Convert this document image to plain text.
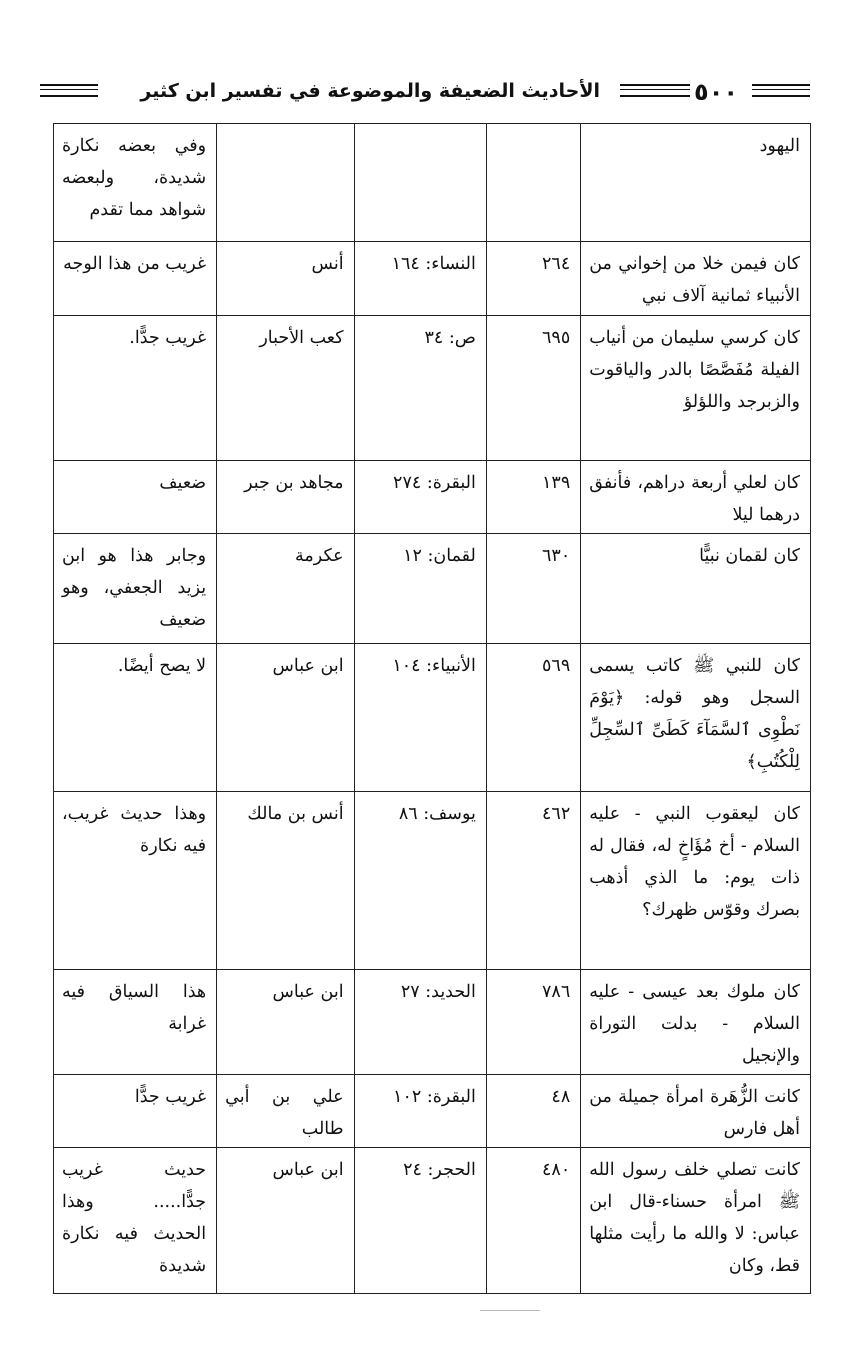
٥٠٠
الأحاديث الضعيفة والموضوعة في تفسير ابن كثير
اليهود				وفي بعضه نكارة شديدة، ولبعضه شواهد مما تقدم
كان فيمن خلا من إخواني من الأنبياء ثمانية آلاف نبي	٢٦٤	النساء: ١٦٤	أنس	غريب من هذا الوجه
كان كرسي سليمان من أنياب الفيلة مُفَصَّصًا بالدر والياقوت والزبرجد واللؤلؤ	٦٩٥	ص: ٣٤	كعب الأحبار	غريب جدًّا.
كان لعلي أربعة دراهم، فأنفق درهما ليلا	١٣٩	البقرة: ٢٧٤	مجاهد بن جبر	ضعيف
كان لقمان نبيًّا	٦٣٠	لقمان: ١٢	عكرمة	وجابر هذا هو ابن يزيد الجعفي، وهو ضعيف
كان للنبي ﷺ كاتب يسمى السجل وهو قوله: ﴿يَوْمَ نَطْوِى ٱلسَّمَآءَ كَطَىِّ ٱلسِّجِلِّ لِلْكُتُبِ﴾	٥٦٩	الأنبياء: ١٠٤	ابن عباس	لا يصح أيضًا.
كان ليعقوب النبي - عليه السلام - أخ مُؤَاخٍ له، فقال له ذات يوم: ما الذي أذهب بصرك وقوّس ظهرك؟	٤٦٢	يوسف: ٨٦	أنس بن مالك	وهذا حديث غريب، فيه نكارة
كان ملوك بعد عيسى - عليه السلام - بدلت التوراة والإنجيل	٧٨٦	الحديد: ٢٧	ابن عباس	هذا السياق فيه غرابة
كانت الزُّهَرة امرأة جميلة من أهل فارس	٤٨	البقرة: ١٠٢	علي بن أبي طالب	غريب جدًّا
كانت تصلي خلف رسول الله ﷺ امرأة حسناء-قال ابن عباس: لا والله ما رأيت مثلها قط، وكان	٤٨٠	الحجر: ٢٤	ابن عباس	حديث غريب جدًّا..... وهذا الحديث فيه نكارة شديدة
